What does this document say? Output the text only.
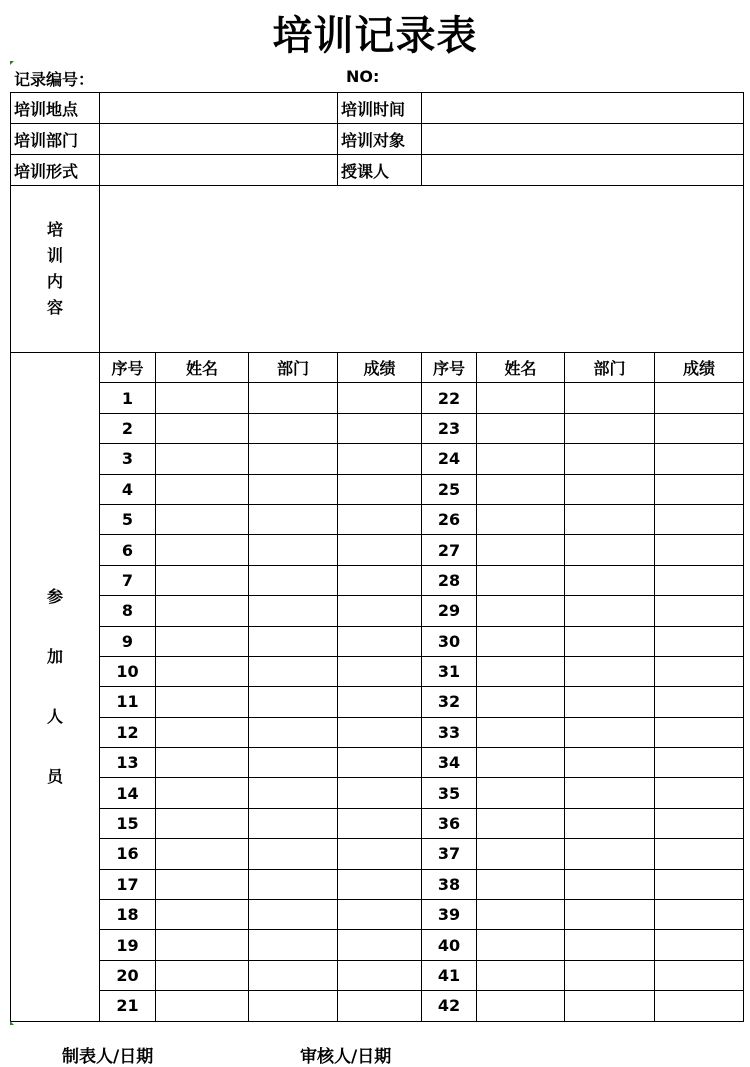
培训记录表
记录编号：	NO:
培训地点		培训时间	
培训部门		培训对象	
培训形式		授课人	
培
训
内
容

参
加
人
员	序号	姓名	部门	成绩	序号	姓名	部门	成绩
	1				22			
	2				23			
	3				24			
	4				25			
	5				26			
	6				27			
	7				28			
	8				29			
	9				30			
	10				31			
	11				32			
	12				33			
	13				34			
	14				35			
	15				36			
	16				37			
	17				38			
	18				39			
	19				40			
	20				41			
	21				42			
制表人/日期	审核人/日期
